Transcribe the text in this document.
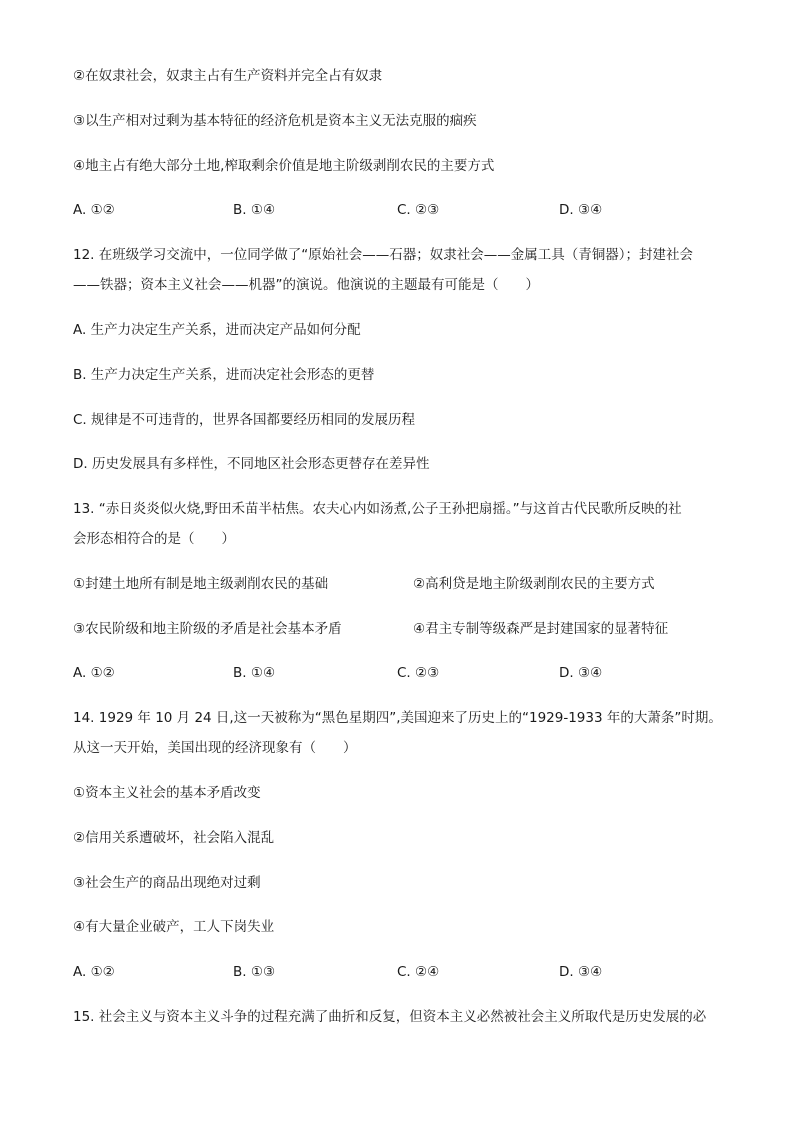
②在奴隶社会，奴隶主占有生产资料并完全占有奴隶
③以生产相对过剩为基本特征的经济危机是资本主义无法克服的痼疾
④地主占有绝大部分土地,榨取剩余价值是地主阶级剥削农民的主要方式
A. ①②	B. ①④	C. ②③	D. ③④
12. 在班级学习交流中，一位同学做了“原始社会——石器；奴隶社会——金属工具（青铜器）；封建社会
——铁器；资本主义社会——机器”的演说。他演说的主题最有可能是（　　）
A. 生产力决定生产关系，进而决定产品如何分配
B. 生产力决定生产关系，进而决定社会形态的更替
C. 规律是不可违背的，世界各国都要经历相同的发展历程
D. 历史发展具有多样性，不同地区社会形态更替存在差异性
13. “赤日炎炎似火烧,野田禾苗半枯焦。农夫心内如汤煮,公子王孙把扇摇。”与这首古代民歌所反映的社
会形态相符合的是（　　）
①封建土地所有制是地主级剥削农民的基础	②高利贷是地主阶级剥削农民的主要方式
③农民阶级和地主阶级的矛盾是社会基本矛盾	④君主专制等级森严是封建国家的显著特征
A. ①②	B. ①④	C. ②③	D. ③④
14. 1929 年 10 月 24 日,这一天被称为“黑色星期四”,美国迎来了历史上的“1929-1933 年的大萧条”时期。
从这一天开始，美国出现的经济现象有（　　）
①资本主义社会的基本矛盾改变
②信用关系遭破坏，社会陷入混乱
③社会生产的商品出现绝对过剩
④有大量企业破产，工人下岗失业
A. ①②	B. ①③	C. ②④	D. ③④
15. 社会主义与资本主义斗争的过程充满了曲折和反复，但资本主义必然被社会主义所取代是历史发展的必
